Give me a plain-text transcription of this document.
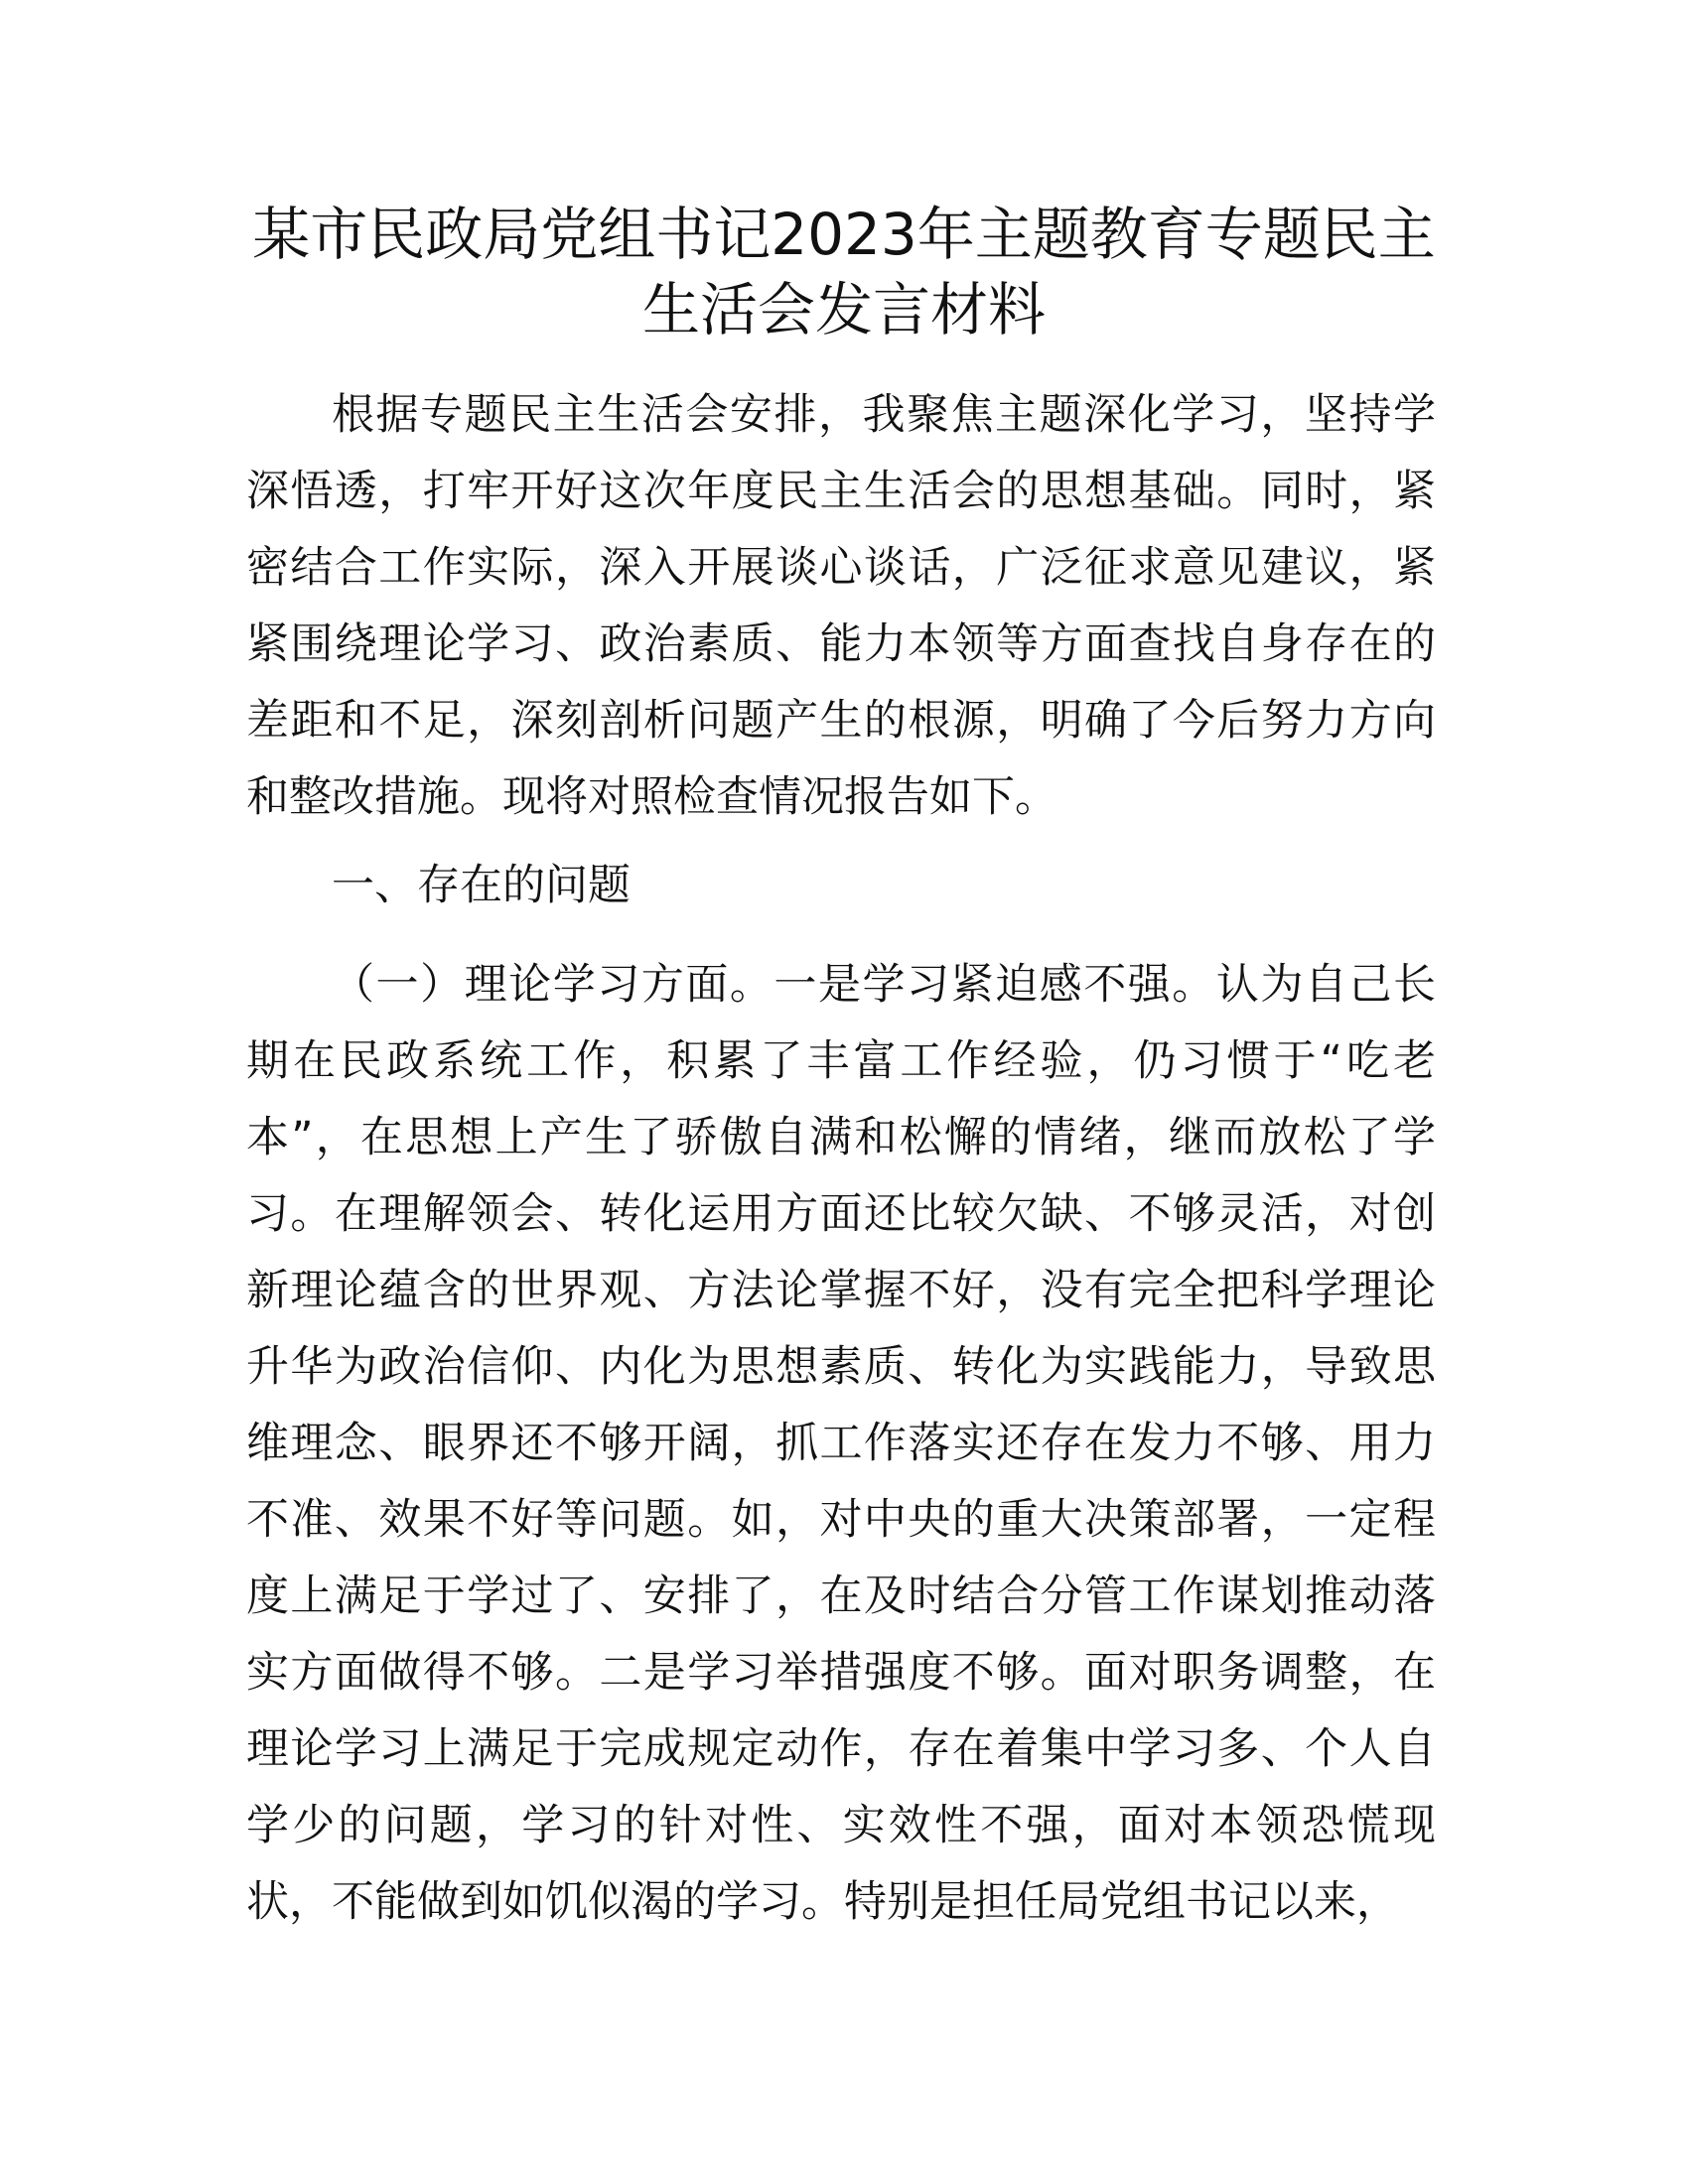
某市民政局党组书记2023年主题教育专题民主生活会发言材料

根据专题民主生活会安排，我聚焦主题深化学习，坚持学深悟透，打牢开好这次年度民主生活会的思想基础。同时，紧密结合工作实际，深入开展谈心谈话，广泛征求意见建议，紧紧围绕理论学习、政治素质、能力本领等方面查找自身存在的差距和不足，深刻剖析问题产生的根源，明确了今后努力方向和整改措施。现将对照检查情况报告如下。

一、存在的问题

（一）理论学习方面。一是学习紧迫感不强。认为自己长期在民政系统工作，积累了丰富工作经验，仍习惯于“吃老本”，在思想上产生了骄傲自满和松懈的情绪，继而放松了学习。在理解领会、转化运用方面还比较欠缺、不够灵活，对创新理论蕴含的世界观、方法论掌握不好，没有完全把科学理论升华为政治信仰、内化为思想素质、转化为实践能力，导致思维理念、眼界还不够开阔，抓工作落实还存在发力不够、用力不准、效果不好等问题。如，对中央的重大决策部署，一定程度上满足于学过了、安排了，在及时结合分管工作谋划推动落实方面做得不够。二是学习举措强度不够。面对职务调整，在理论学习上满足于完成规定动作，存在着集中学习多、个人自学少的问题，学习的针对性、实效性不强，面对本领恐慌现状，不能做到如饥似渴的学习。特别是担任局党组书记以来，
